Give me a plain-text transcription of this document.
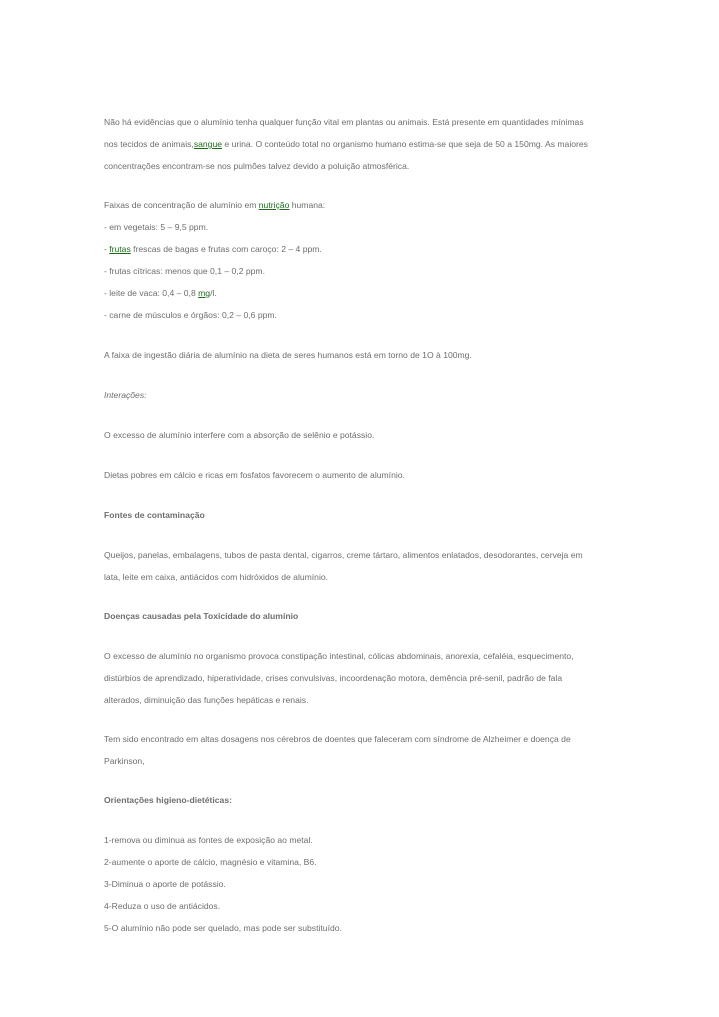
Não há evidências que o alumínio tenha qualquer função vital em plantas ou animais. Está presente em quantidades mínimas
nos tecidos de animais,sangue e urina. O conteúdo total no organismo humano estima-se que seja de 50 a 150mg. As maiores
concentrações encontram-se nos pulmões talvez devido a poluição atmosférica.
Faixas de concentração de alumínio em nutrição humana:
- em vegetais: 5 – 9,5 ppm.
- frutas frescas de bagas e frutas com caroço: 2 – 4 ppm.
- frutas cítricas: menos que 0,1 – 0,2 ppm.
- leite de vaca: 0,4 – 0,8 mg/l.
- carne de músculos e órgãos: 0,2 – 0,6 ppm.
A faixa de ingestão diária de alumínio na dieta de seres humanos está em torno de 1O à 100mg.
Interações:
O excesso de alumínio interfere com a absorção de selênio e potássio.
Dietas pobres em cálcio e ricas em fosfatos favorecem o aumento de alumínio.
Fontes de contaminação
Queijos, panelas, embalagens, tubos de pasta dental, cigarros, creme tártaro, alimentos enlatados, desodorantes, cerveja em
lata, leite em caixa, antiácidos com hidróxidos de alumínio.
Doenças causadas pela Toxicidade do alumínio
O excesso de alumínio no organismo provoca constipação intestinal, cólicas abdominais, anorexia, cefaléia, esquecimento,
distúrbios de aprendizado, hiperatividade, crises convulsivas, incoordenação motora, demência pré-senil, padrão de fala
alterados, diminuição das funções hepáticas e renais.
Tem sido encontrado em altas dosagens nos cérebros de doentes que faleceram com síndrome de Alzheimer e doença de
Parkinson,
Orientações higieno-dietéticas:
1-remova ou diminua as fontes de exposição ao metal.
2-aumente o aporte de cálcio, magnésio e vitamina, B6.
3-Diminua o aporte de potássio.
4-Reduza o uso de antiácidos.
5-O alumínio não pode ser quelado, mas pode ser substituído.
